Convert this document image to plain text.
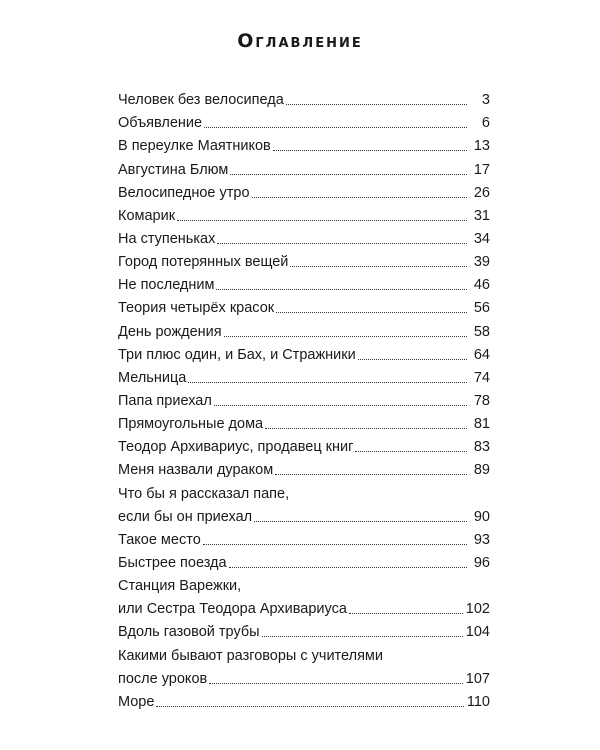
Оглавление
Человек без велосипеда	3
Объявление	6
В переулке Маятников	13
Августина Блюм	17
Велосипедное утро	26
Комарик	31
На ступеньках	34
Город потерянных вещей	39
Не последним	46
Теория четырёх красок	56
День рождения	58
Три плюс один, и Бах, и Стражники	64
Мельница	74
Папа приехал	78
Прямоугольные дома	81
Теодор Архивариус, продавец книг	83
Меня назвали дураком	89
Что бы я рассказал папе,
если бы он приехал	90
Такое место	93
Быстрее поезда	96
Станция Варежки,
или Сестра Теодора Архивариуса	102
Вдоль газовой трубы	104
Какими бывают разговоры с учителями
после уроков	107
Море	110
